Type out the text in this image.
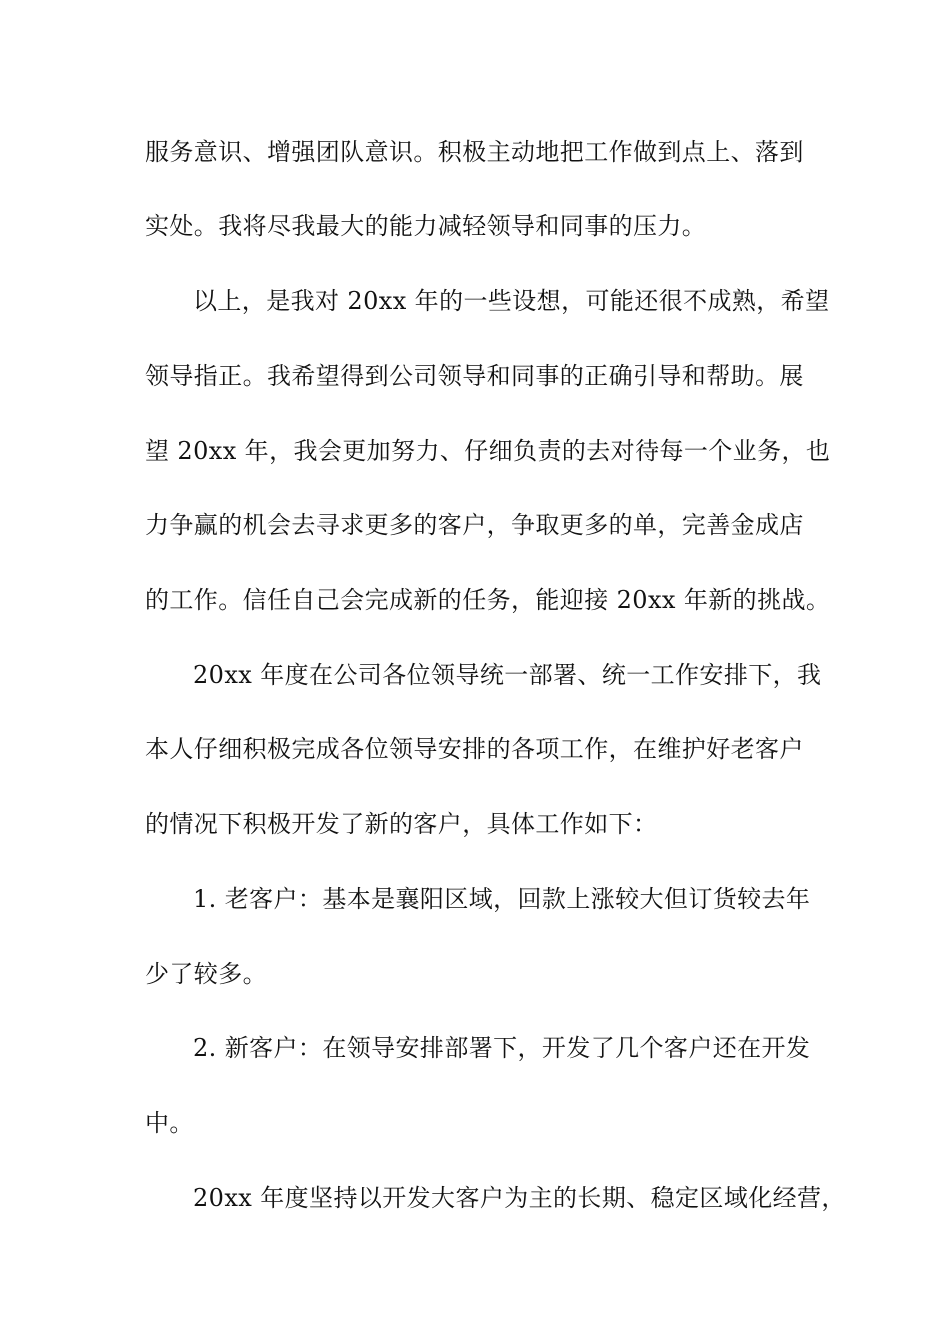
服务意识、增强团队意识。积极主动地把工作做到点上、落到
实处。我将尽我最大的能力减轻领导和同事的压力。
以上，是我对 20xx 年的一些设想，可能还很不成熟，希望
领导指正。我希望得到公司领导和同事的正确引导和帮助。展
望 20xx 年，我会更加努力、仔细负责的去对待每一个业务，也
力争赢的机会去寻求更多的客户，争取更多的单，完善金成店
的工作。信任自己会完成新的任务，能迎接 20xx 年新的挑战。
20xx 年度在公司各位领导统一部署、统一工作安排下，我
本人仔细积极完成各位领导安排的各项工作，在维护好老客户
的情况下积极开发了新的客户，具体工作如下：
1. 老客户：基本是襄阳区域，回款上涨较大但订货较去年
少了较多。
2. 新客户：在领导安排部署下，开发了几个客户还在开发
中。
20xx 年度坚持以开发大客户为主的长期、稳定区域化经营，
